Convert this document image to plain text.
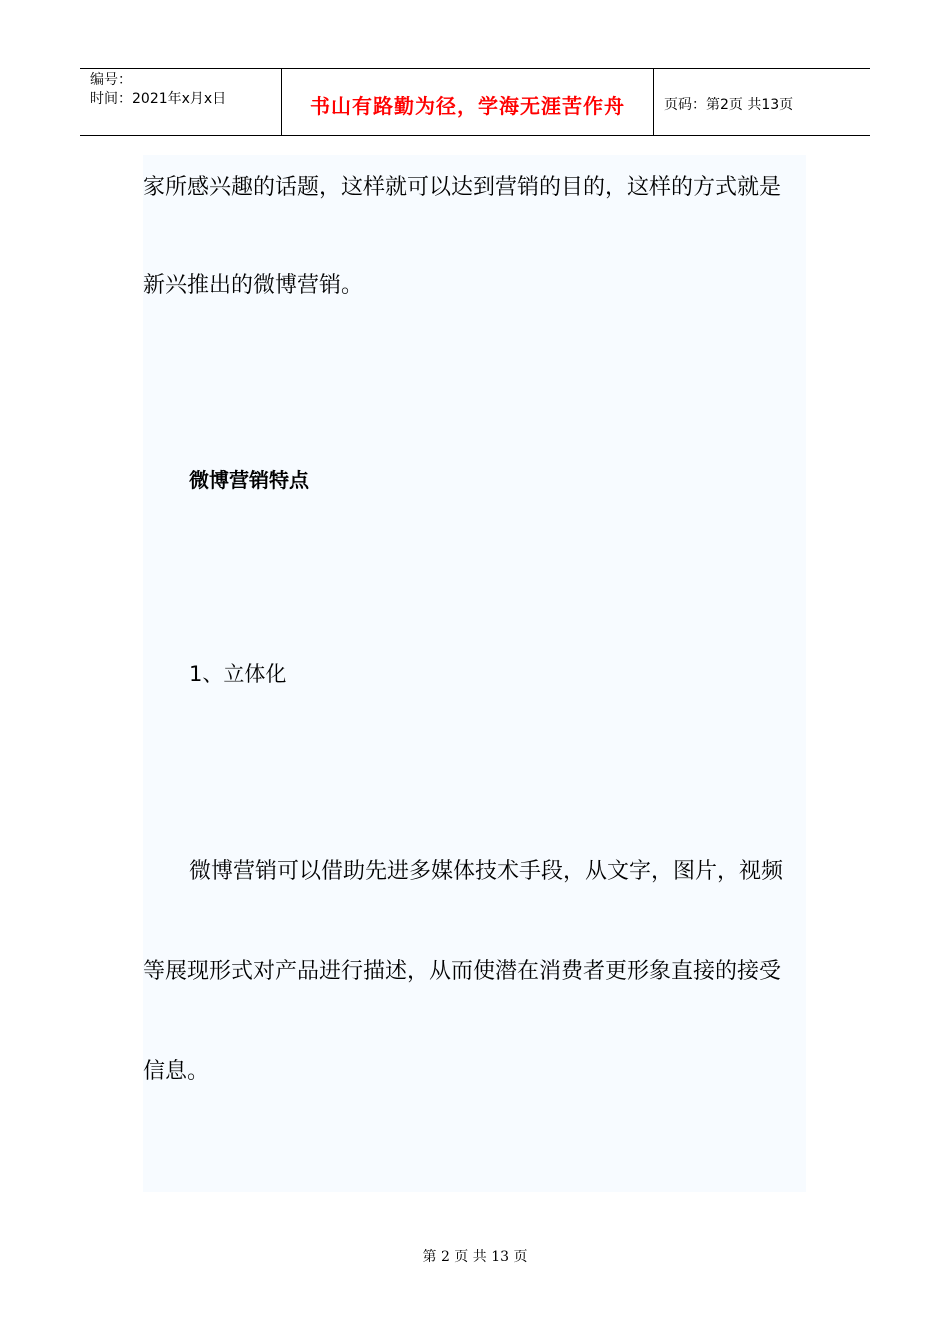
编号：
时间：2021年x月x日	书山有路勤为径，学海无涯苦作舟	页码：第2页 共13页
家所感兴趣的话题，这样就可以达到营销的目的，这样的方式就是
新兴推出的微博营销。
微博营销特点
1、立体化
微博营销可以借助先进多媒体技术手段，从文字，图片，视频
等展现形式对产品进行描述，从而使潜在消费者更形象直接的接受
信息。
第 2 页 共 13 页
